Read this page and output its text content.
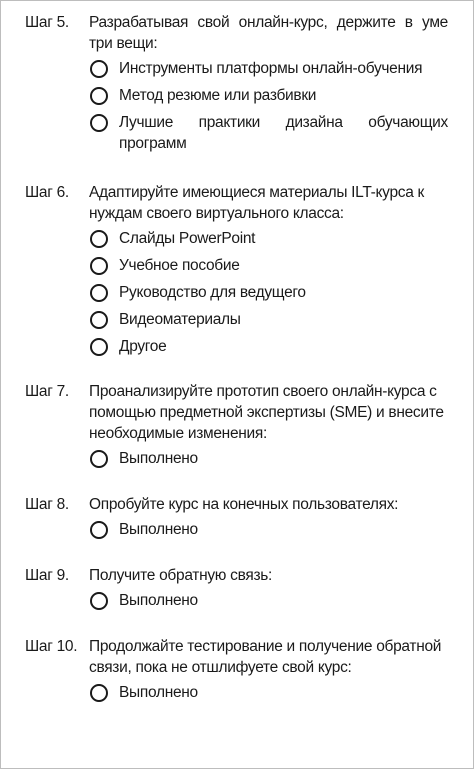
Шаг 5.	Разрабатывая свой онлайн-курс, держите в уме три вещи:

Инструменты платформы онлайн-обучения
Метод резюме или разбивки
Лучшие практики дизайна обучающих программ
Шаг 6.	Адаптируйте имеющиеся материалы ILT-курса к нуждам своего виртуального класса:

Слайды PowerPoint
Учебное пособие
Руководство для ведущего
Видеоматериалы
Другое
Шаг 7.	Проанализируйте прототип своего онлайн-курса с помощью предметной экспертизы (SME) и внесите необходимые изменения:

Выполнено
Шаг 8.	Опробуйте курс на конечных пользователях:

Выполнено
Шаг 9.	Получите обратную связь:

Выполнено
Шаг 10. Продолжайте тестирование и получение обратной связи, пока не отшлифуете свой курс:

Выполнено
